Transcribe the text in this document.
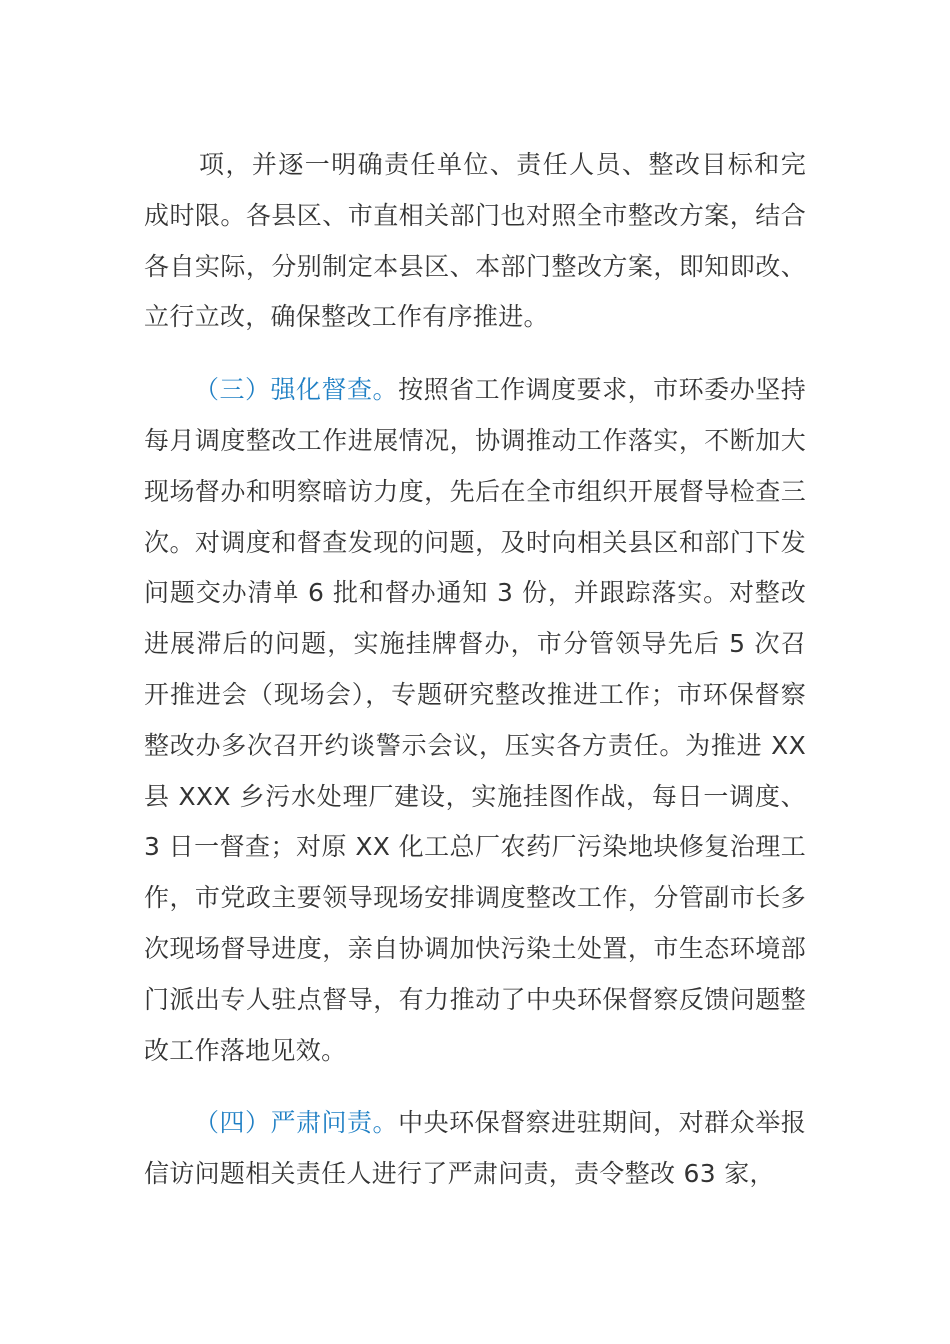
项，并逐一明确责任单位、责任人员、整改目标和完成时限。各县区、市直相关部门也对照全市整改方案，结合各自实际，分别制定本县区、本部门整改方案，即知即改、立行立改，确保整改工作有序推进。

（三）强化督查。按照省工作调度要求，市环委办坚持每月调度整改工作进展情况，协调推动工作落实，不断加大现场督办和明察暗访力度，先后在全市组织开展督导检查三次。对调度和督查发现的问题，及时向相关县区和部门下发问题交办清单 6 批和督办通知 3 份，并跟踪落实。对整改进展滞后的问题，实施挂牌督办，市分管领导先后 5 次召开推进会（现场会），专题研究整改推进工作；市环保督察整改办多次召开约谈警示会议，压实各方责任。为推进 XX 县 XXX 乡污水处理厂建设，实施挂图作战，每日一调度、3 日一督查；对原 XX 化工总厂农药厂污染地块修复治理工作，市党政主要领导现场安排调度整改工作，分管副市长多次现场督导进度，亲自协调加快污染土处置，市生态环境部门派出专人驻点督导，有力推动了中央环保督察反馈问题整改工作落地见效。

（四）严肃问责。中央环保督察进驻期间，对群众举报信访问题相关责任人进行了严肃问责，责令整改 63 家，
